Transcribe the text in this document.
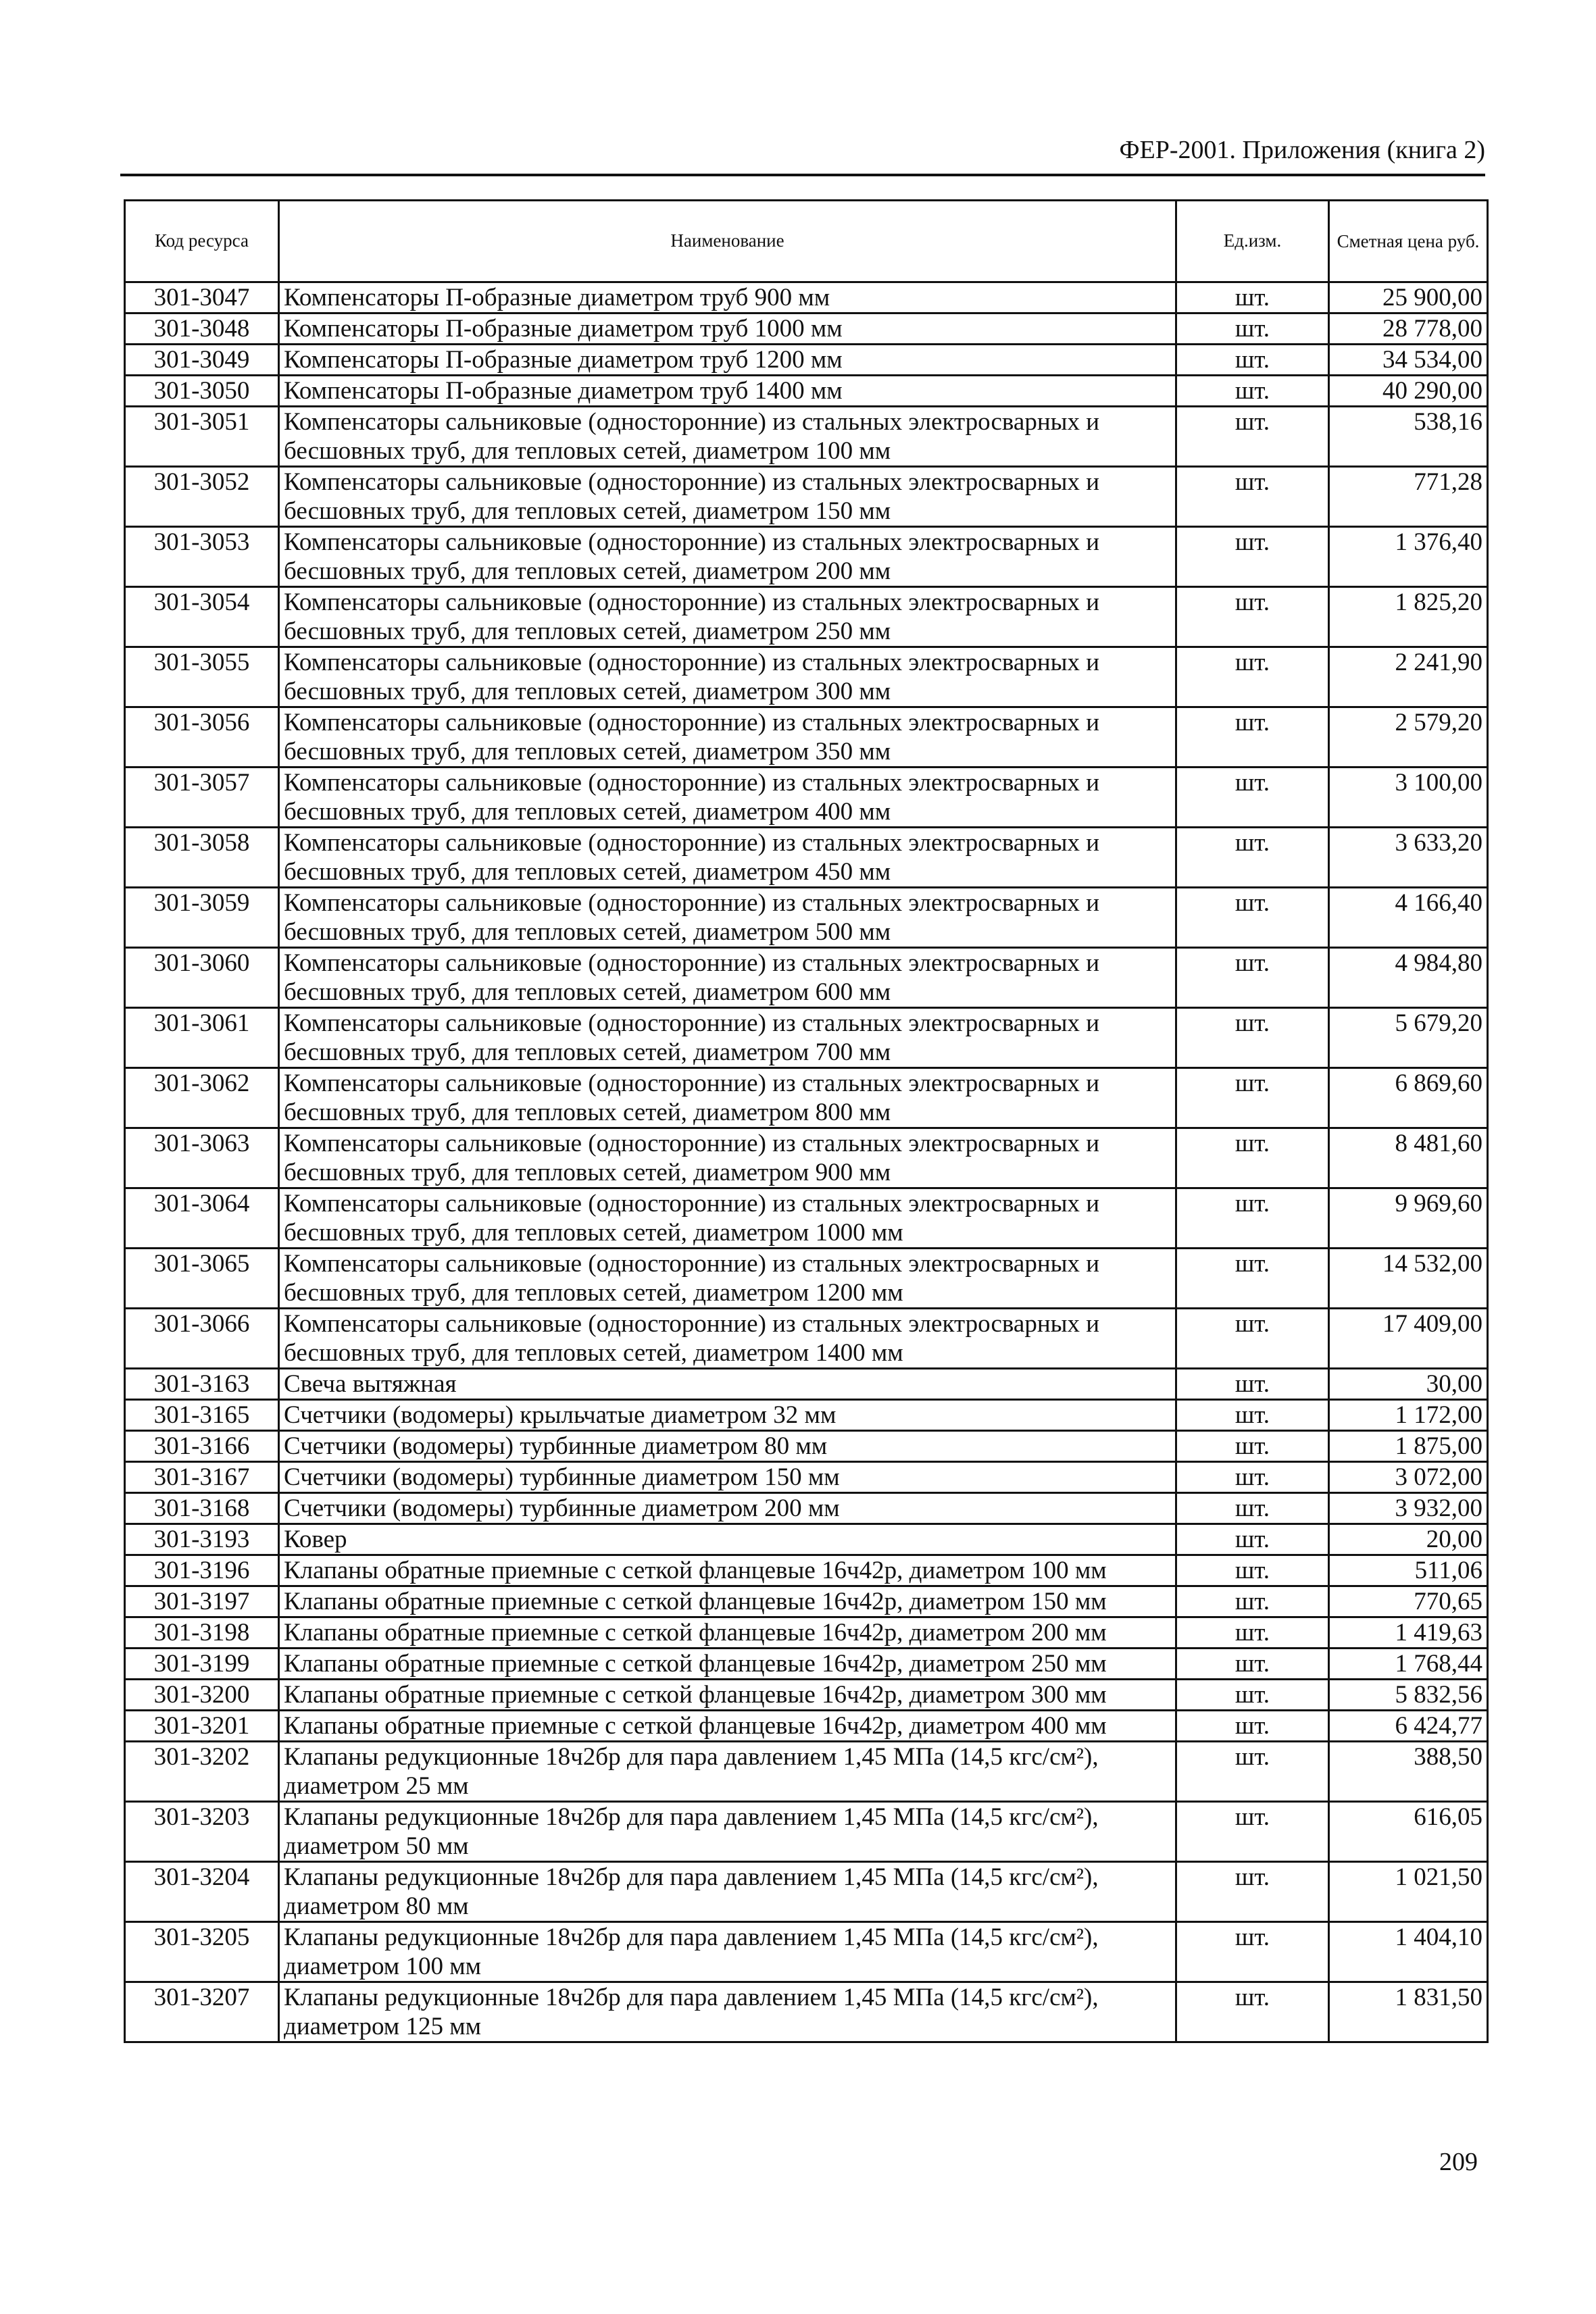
ФЕР-2001. Приложения (книга 2)
Код ресурса	Наименование	Ед.изм.	Сметная цена руб.
301-3047	Компенсаторы П-образные диаметром труб 900 мм	шт.	25 900,00
301-3048	Компенсаторы П-образные диаметром труб 1000 мм	шт.	28 778,00
301-3049	Компенсаторы П-образные диаметром труб 1200 мм	шт.	34 534,00
301-3050	Компенсаторы П-образные диаметром труб 1400 мм	шт.	40 290,00
301-3051	Компенсаторы сальниковые (односторонние) из стальных электросварных и бесшовных труб, для тепловых сетей, диаметром 100 мм	шт.	538,16
301-3052	Компенсаторы сальниковые (односторонние) из стальных электросварных и бесшовных труб, для тепловых сетей, диаметром 150 мм	шт.	771,28
301-3053	Компенсаторы сальниковые (односторонние) из стальных электросварных и бесшовных труб, для тепловых сетей, диаметром 200 мм	шт.	1 376,40
301-3054	Компенсаторы сальниковые (односторонние) из стальных электросварных и бесшовных труб, для тепловых сетей, диаметром 250 мм	шт.	1 825,20
301-3055	Компенсаторы сальниковые (односторонние) из стальных электросварных и бесшовных труб, для тепловых сетей, диаметром 300 мм	шт.	2 241,90
301-3056	Компенсаторы сальниковые (односторонние) из стальных электросварных и бесшовных труб, для тепловых сетей, диаметром 350 мм	шт.	2 579,20
301-3057	Компенсаторы сальниковые (односторонние) из стальных электросварных и бесшовных труб, для тепловых сетей, диаметром 400 мм	шт.	3 100,00
301-3058	Компенсаторы сальниковые (односторонние) из стальных электросварных и бесшовных труб, для тепловых сетей, диаметром 450 мм	шт.	3 633,20
301-3059	Компенсаторы сальниковые (односторонние) из стальных электросварных и бесшовных труб, для тепловых сетей, диаметром 500 мм	шт.	4 166,40
301-3060	Компенсаторы сальниковые (односторонние) из стальных электросварных и бесшовных труб, для тепловых сетей, диаметром 600 мм	шт.	4 984,80
301-3061	Компенсаторы сальниковые (односторонние) из стальных электросварных и бесшовных труб, для тепловых сетей, диаметром 700 мм	шт.	5 679,20
301-3062	Компенсаторы сальниковые (односторонние) из стальных электросварных и бесшовных труб, для тепловых сетей, диаметром 800 мм	шт.	6 869,60
301-3063	Компенсаторы сальниковые (односторонние) из стальных электросварных и бесшовных труб, для тепловых сетей, диаметром 900 мм	шт.	8 481,60
301-3064	Компенсаторы сальниковые (односторонние) из стальных электросварных и бесшовных труб, для тепловых сетей, диаметром 1000 мм	шт.	9 969,60
301-3065	Компенсаторы сальниковые (односторонние) из стальных электросварных и бесшовных труб, для тепловых сетей, диаметром 1200 мм	шт.	14 532,00
301-3066	Компенсаторы сальниковые (односторонние) из стальных электросварных и бесшовных труб, для тепловых сетей, диаметром 1400 мм	шт.	17 409,00
301-3163	Свеча вытяжная	шт.	30,00
301-3165	Счетчики (водомеры) крыльчатые диаметром 32 мм	шт.	1 172,00
301-3166	Счетчики (водомеры) турбинные диаметром 80 мм	шт.	1 875,00
301-3167	Счетчики (водомеры) турбинные диаметром 150 мм	шт.	3 072,00
301-3168	Счетчики (водомеры) турбинные диаметром 200 мм	шт.	3 932,00
301-3193	Ковер	шт.	20,00
301-3196	Клапаны обратные приемные с сеткой фланцевые 16ч42р, диаметром 100 мм	шт.	511,06
301-3197	Клапаны обратные приемные с сеткой фланцевые 16ч42р, диаметром 150 мм	шт.	770,65
301-3198	Клапаны обратные приемные с сеткой фланцевые 16ч42р, диаметром 200 мм	шт.	1 419,63
301-3199	Клапаны обратные приемные с сеткой фланцевые 16ч42р, диаметром 250 мм	шт.	1 768,44
301-3200	Клапаны обратные приемные с сеткой фланцевые 16ч42р, диаметром 300 мм	шт.	5 832,56
301-3201	Клапаны обратные приемные с сеткой фланцевые 16ч42р, диаметром 400 мм	шт.	6 424,77
301-3202	Клапаны редукционные 18ч2бр для пара давлением 1,45 МПа (14,5 кгс/см²), диаметром 25 мм	шт.	388,50
301-3203	Клапаны редукционные 18ч2бр для пара давлением 1,45 МПа (14,5 кгс/см²), диаметром 50 мм	шт.	616,05
301-3204	Клапаны редукционные 18ч2бр для пара давлением 1,45 МПа (14,5 кгс/см²), диаметром 80 мм	шт.	1 021,50
301-3205	Клапаны редукционные 18ч2бр для пара давлением 1,45 МПа (14,5 кгс/см²), диаметром 100 мм	шт.	1 404,10
301-3207	Клапаны редукционные 18ч2бр для пара давлением 1,45 МПа (14,5 кгс/см²), диаметром 125 мм	шт.	1 831,50
209
